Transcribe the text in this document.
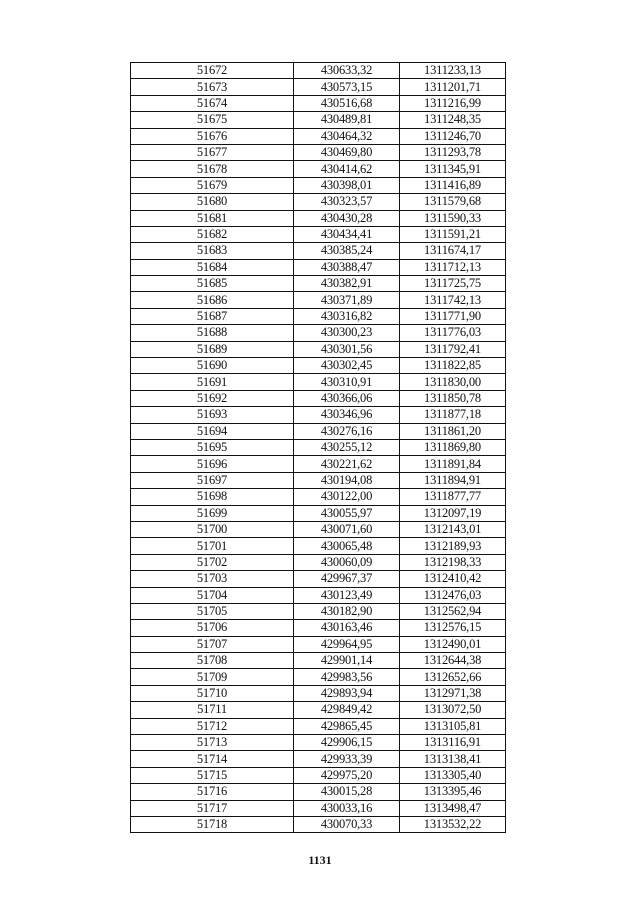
51672	430633,32	1311233,13
51673	430573,15	1311201,71
51674	430516,68	1311216,99
51675	430489,81	1311248,35
51676	430464,32	1311246,70
51677	430469,80	1311293,78
51678	430414,62	1311345,91
51679	430398,01	1311416,89
51680	430323,57	1311579,68
51681	430430,28	1311590,33
51682	430434,41	1311591,21
51683	430385,24	1311674,17
51684	430388,47	1311712,13
51685	430382,91	1311725,75
51686	430371,89	1311742,13
51687	430316,82	1311771,90
51688	430300,23	1311776,03
51689	430301,56	1311792,41
51690	430302,45	1311822,85
51691	430310,91	1311830,00
51692	430366,06	1311850,78
51693	430346,96	1311877,18
51694	430276,16	1311861,20
51695	430255,12	1311869,80
51696	430221,62	1311891,84
51697	430194,08	1311894,91
51698	430122,00	1311877,77
51699	430055,97	1312097,19
51700	430071,60	1312143,01
51701	430065,48	1312189,93
51702	430060,09	1312198,33
51703	429967,37	1312410,42
51704	430123,49	1312476,03
51705	430182,90	1312562,94
51706	430163,46	1312576,15
51707	429964,95	1312490,01
51708	429901,14	1312644,38
51709	429983,56	1312652,66
51710	429893,94	1312971,38
51711	429849,42	1313072,50
51712	429865,45	1313105,81
51713	429906,15	1313116,91
51714	429933,39	1313138,41
51715	429975,20	1313305,40
51716	430015,28	1313395,46
51717	430033,16	1313498,47
51718	430070,33	1313532,22
1131
